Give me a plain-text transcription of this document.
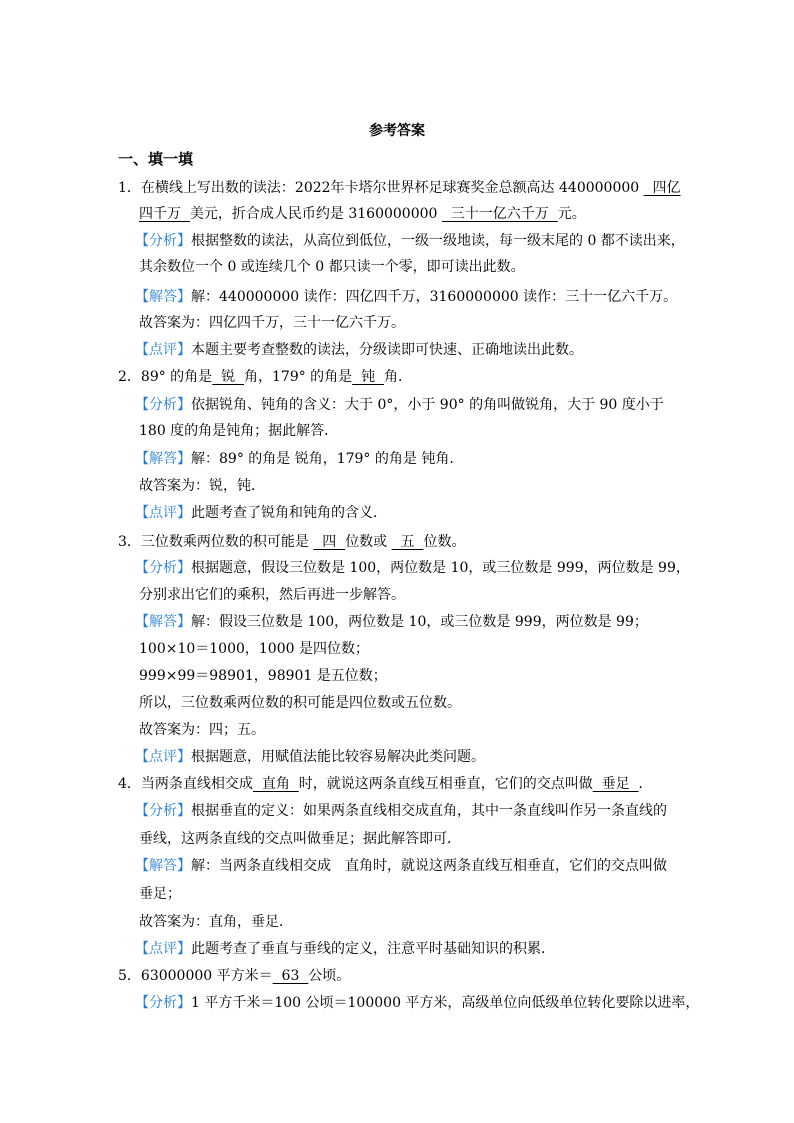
参考答案
一、填一填
1．在横线上写出数的读法：2022年卡塔尔世界杯足球赛奖金总额高达 440000000   四亿
四千万  美元，折合成人民币约是 3160000000   三十一亿六千万  元。
【分析】根据整数的读法，从高位到低位，一级一级地读，每一级末尾的 0 都不读出来，
其余数位一个 0 或连续几个 0 都只读一个零，即可读出此数。
【解答】解：440000000 读作：四亿四千万，3160000000 读作：三十一亿六千万。
故答案为：四亿四千万，三十一亿六千万。
【点评】本题主要考查整数的读法，分级读即可快速、正确地读出此数。
2．89° 的角是  锐  角，179° 的角是  钝  角．
【分析】依据锐角、钝角的含义：大于 0°，小于 90° 的角叫做锐角，大于 90 度小于
180 度的角是钝角；据此解答．
【解答】解：89° 的角是 锐角，179° 的角是 钝角．
故答案为：锐，钝．
【点评】此题考查了锐角和钝角的含义．
3．三位数乘两位数的积可能是   四  位数或   五  位数。
【分析】根据题意，假设三位数是 100，两位数是 10，或三位数是 999，两位数是 99，
分别求出它们的乘积，然后再进一步解答。
【解答】解：假设三位数是 100，两位数是 10，或三位数是 999，两位数是 99；
100×10＝1000，1000 是四位数；
999×99＝98901，98901 是五位数；
所以，三位数乘两位数的积可能是四位数或五位数。
故答案为：四；五。
【点评】根据题意，用赋值法能比较容易解决此类问题。
4．当两条直线相交成  直角  时，就说这两条直线互相垂直，它们的交点叫做  垂足  ．
【分析】根据垂直的定义：如果两条直线相交成直角，其中一条直线叫作另一条直线的
垂线，这两条直线的交点叫做垂足；据此解答即可．
【解答】解：当两条直线相交成　直角时，就说这两条直线互相垂直，它们的交点叫做
垂足；
故答案为：直角，垂足．
【点评】此题考查了垂直与垂线的定义，注意平时基础知识的积累．
5．63000000 平方米＝  63  公顷。
【分析】1 平方千米＝100 公顷＝100000 平方米，高级单位向低级单位转化要除以进率，
